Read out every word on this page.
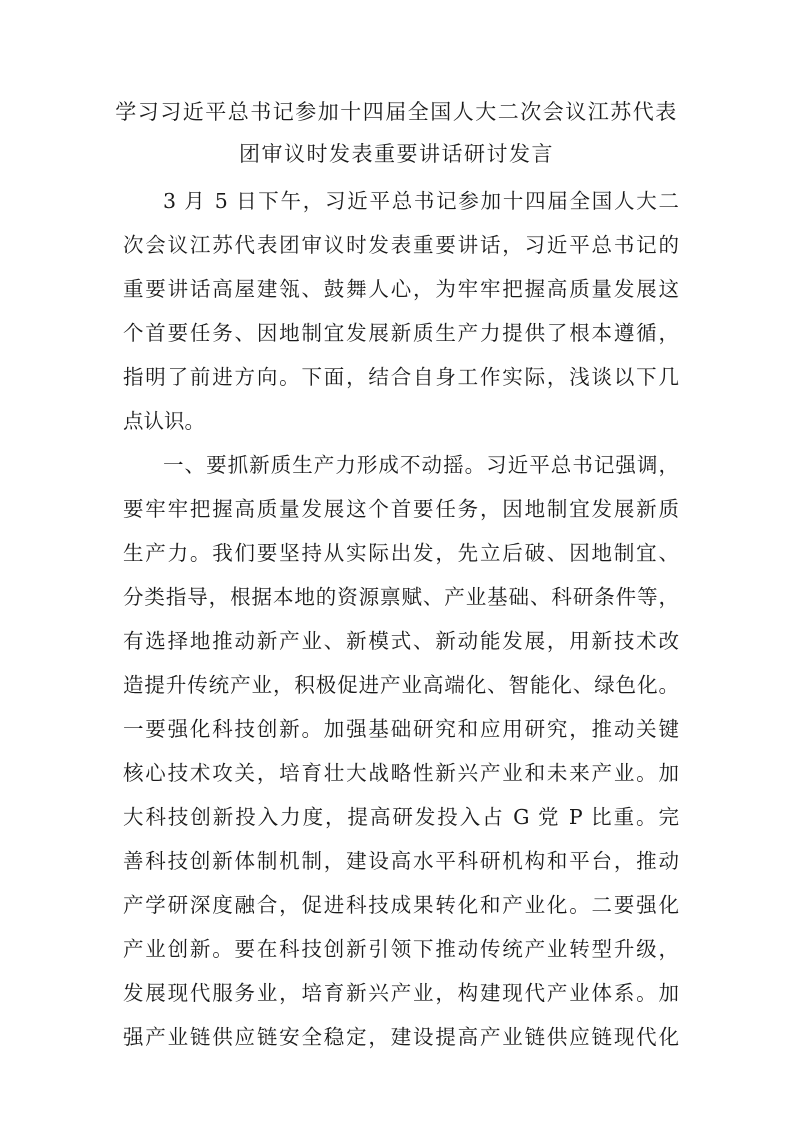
学习习近平总书记参加十四届全国人大二次会议江苏代表
团审议时发表重要讲话研讨发言
3 月 5 日下午，习近平总书记参加十四届全国人大二
次会议江苏代表团审议时发表重要讲话，习近平总书记的
重要讲话高屋建瓴、鼓舞人心，为牢牢把握高质量发展这
个首要任务、因地制宜发展新质生产力提供了根本遵循，
指明了前进方向。下面，结合自身工作实际，浅谈以下几
点认识。
一、要抓新质生产力形成不动摇。习近平总书记强调，
要牢牢把握高质量发展这个首要任务，因地制宜发展新质
生产力。我们要坚持从实际出发，先立后破、因地制宜、
分类指导，根据本地的资源禀赋、产业基础、科研条件等，
有选择地推动新产业、新模式、新动能发展，用新技术改
造提升传统产业，积极促进产业高端化、智能化、绿色化。
一要强化科技创新。加强基础研究和应用研究，推动关键
核心技术攻关，培育壮大战略性新兴产业和未来产业。加
大科技创新投入力度，提高研发投入占 G 党 P 比重。完
善科技创新体制机制，建设高水平科研机构和平台，推动
产学研深度融合，促进科技成果转化和产业化。二要强化
产业创新。要在科技创新引领下推动传统产业转型升级，
发展现代服务业，培育新兴产业，构建现代产业体系。加
强产业链供应链安全稳定，建设提高产业链供应链现代化
